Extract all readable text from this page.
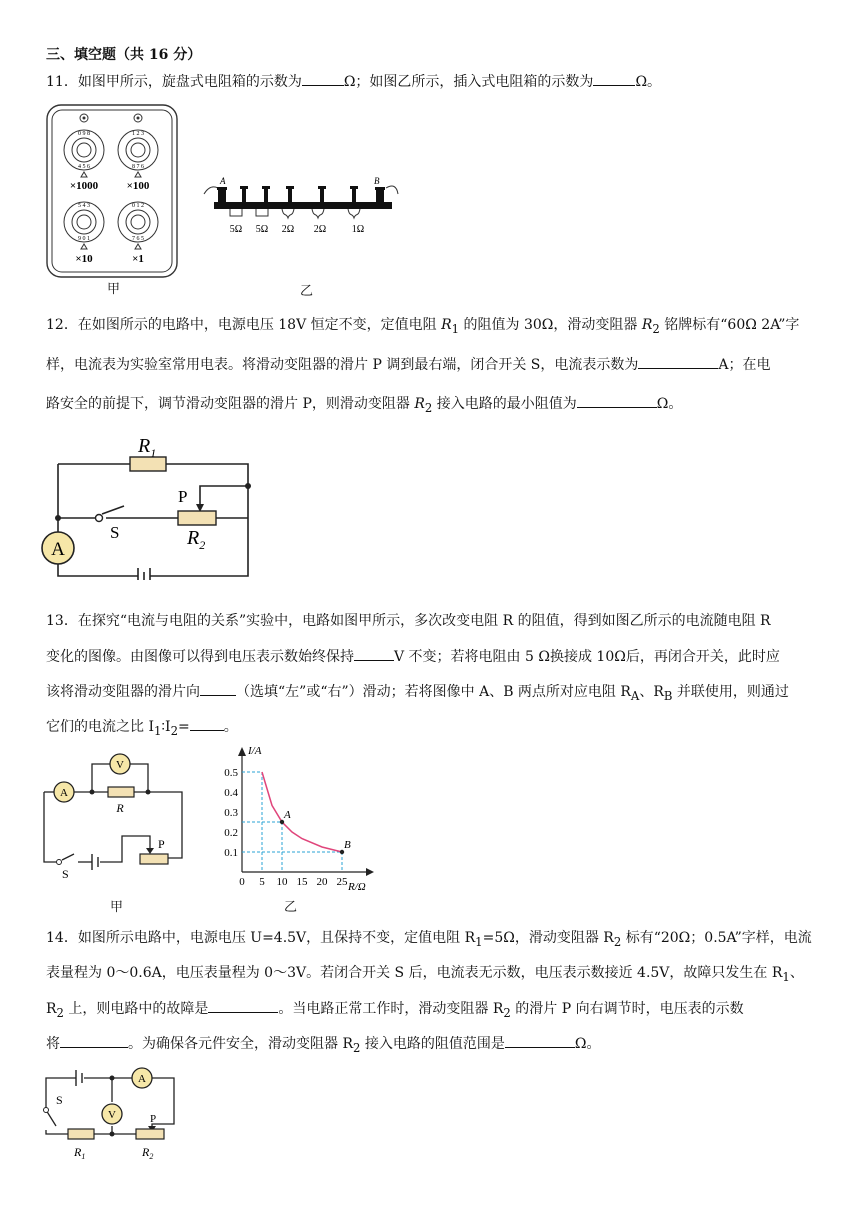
三、填空题（共 16 分）
11．如图甲所示，旋盘式电阻箱的示数为	Ω；如图乙所示，插入式电阻箱的示数为	Ω。
0 9 8
4 5 6
1 2 3
8 7 6
5 4 3
9 0 1
0 1 2
7 6 5
×1000	×100
×10	×1
甲
A	B
5Ω 5Ω 2Ω 2Ω	1Ω
乙
12．在如图所示的电路中，电源电压 18V 恒定不变，定值电阻 $R_1$ 的阻值为 30Ω，滑动变阻器 $R_2$ 铭牌标有“60Ω 2A”字
样，电流表为实验室常用电表。将滑动变阻器的滑片 P 调到最右端，闭合开关 S，电流表示数为	A；在电
路安全的前提下，调节滑动变阻器的滑片 P，则滑动变阻器 $R_2$ 接入电路的最小阻值为	Ω。
A
$R_1$
P
S	$R_2$
13．在探究“电流与电阻的关系”实验中，电路如图甲所示，多次改变电阻 R 的阻值，得到如图乙所示的电流随电阻 R
变化的图像。由图像可以得到电压表示数始终保持	V 不变；若将电阻由 5 Ω换接成 10Ω后，再闭合开关，此时应
该将滑动变阻器的滑片向	（选填“左”或“右”）滑动；若将图像中 A、B 两点所对应电阻 $R_A$、$R_B$ 并联使用，则通过
它们的电流之比 $I_1∶I_2=$ 。
A
V
R
S
P
甲
I/A
R/Ω
0 5 10 15 20 25
0.1
0.2
0.3
0.4
0.5
A
B
乙
14．如图所示电路中，电源电压 U=4.5V，且保持不变，定值电阻 $R_1=5\Omega$，滑动变阻器 $R_2$ 标有“20Ω；0.5A”字样，电流
表量程为 0～0.6A，电压表量程为 0～3V。若闭合开关 S 后，电流表无示数，电压表示数接近 4.5V，故障只发生在 $R_1$、
$R_2$ 上，则电路中的故障是	。当电路正常工作时，滑动变阻器 $R_2$ 的滑片 P 向右调节时，电压表的示数
将	。为确保各元件安全，滑动变阻器 $R_2$ 接入电路的阻值范围是	Ω。
A
V
S
P
$R_1$	$R_2$
